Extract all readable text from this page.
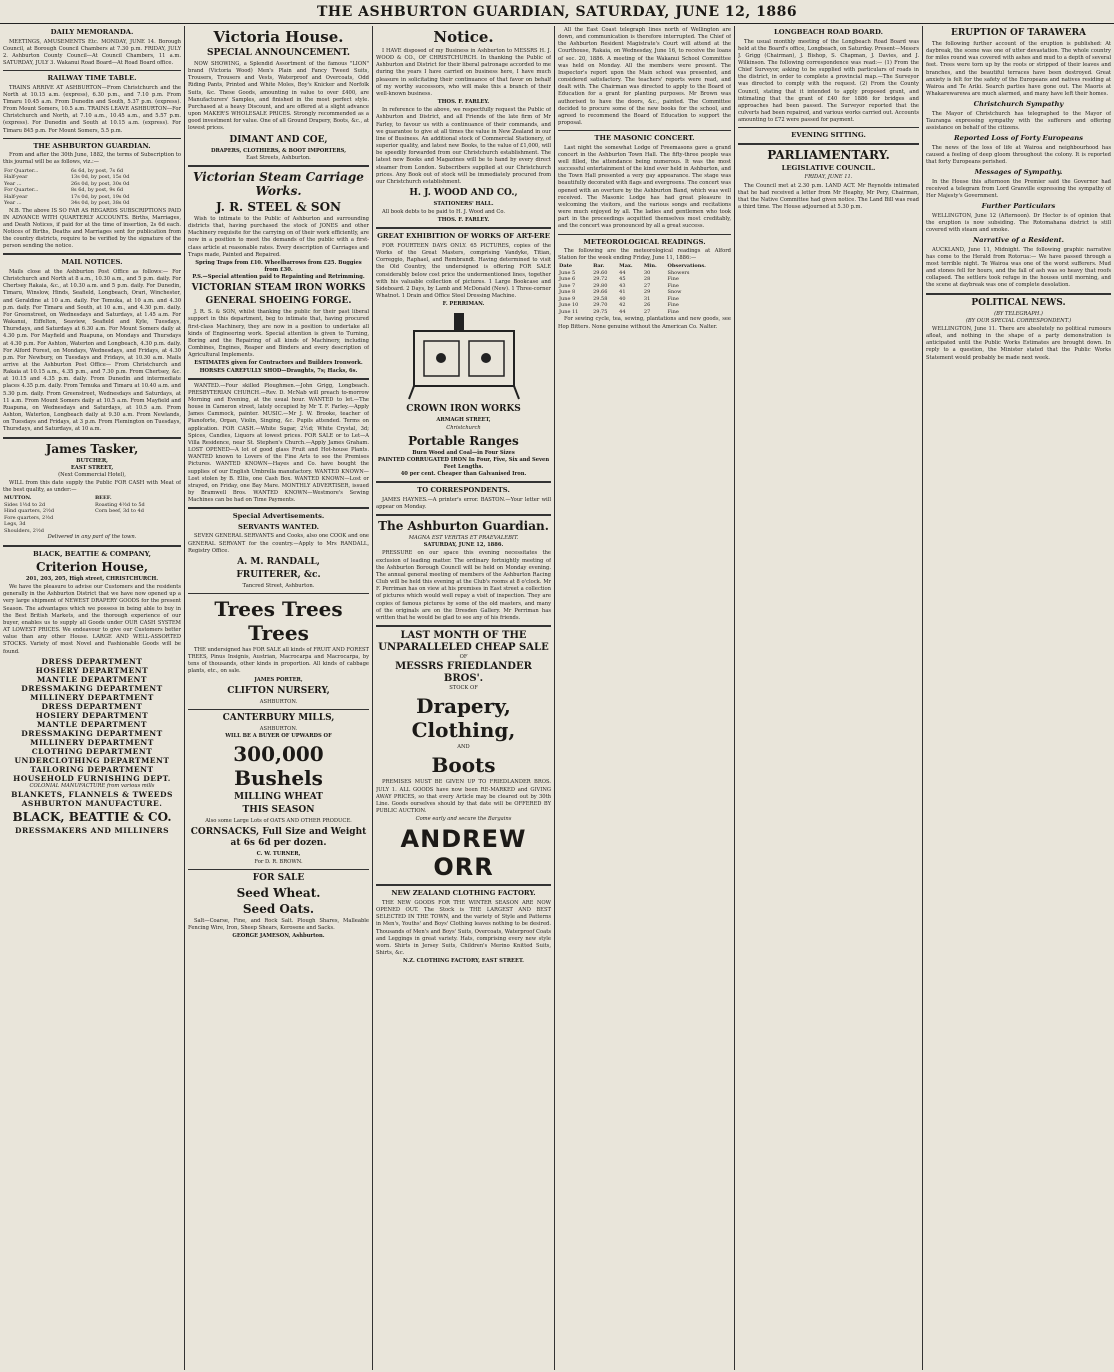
THE ASHBURTON GUARDIAN, SATURDAY, JUNE 12, 1886
DAILY MEMORANDA.

MEETINGS, AMUSEMENTS Etc. MONDAY, JUNE 14. Borough Council, at Borough Council Chambers at 7.30 p.m. FRIDAY, JULY 2. Ashburton County Council—At Council Chambers, 11 a.m. SATURDAY, JULY 3. Wakanui Road Board—At Road Board office.

RAILWAY TIME TABLE.

TRAINS ARRIVE AT ASHBURTON—From Christchurch and the North at 10.15 a.m. (express), 6.30 p.m., and 7.10 p.m. From Timaru 10.45 a.m. From Dunedin and South, 5.37 p.m. (express). From Mount Somers, 10.5 a.m. TRAINS LEAVE ASHBURTON—For Christchurch and North, at 7.10 a.m., 10.45 a.m., and 5.57 p.m. (express). For Dunedin and South at 10.15 a.m. (express). For Timaru 845 p.m. For Mount Somers, 5.5 p.m.

THE ASHBURTON GUARDIAN.

From and after the 30th June, 1882, the terms of Subscription to this journal will be as follows, viz.:—

For Quarter...	6s 6d, by post, 7s 6d
Half-year	13s 0d, by post, 15s 0d
Year ...	26s 0d, by post, 30s 0d
For Quarter...	8s 6d, by post, 9s 6d
Half-year	17s 0d, by post, 19s 0d
Year ...	34s 0d, by post, 38s 0d

N.B. The above IS SO FAR AS REGARDS SUBSCRIPTIONS PAID IN ADVANCE WITH QUARTERLY ACCOUNTS. Births, Marriages, and Death Notices, if paid for at the time of insertion, 2s 6d each. Notices of Births, Deaths and Marriages sent for publication from the country districts, require to be verified by the signature of the person sending the notice.

MAIL NOTICES.

Mails close at the Ashburton Post Office as follows:— For Christchurch and North at 8 a.m., 10.30 a.m., and 5 p.m. daily. For Chertsey Rakaia, &c., at 10.30 a.m. and 5 p.m. daily. For Dunedin, Timaru, Winslow, Hinds, Seafield, Longbeach, Orari, Winchester, and Geraldine at 10 a.m. daily. For Temuka, at 10 a.m. and 4.30 p.m. daily. For Timaru and South, at 10 a.m., and 4.30 p.m. daily. For Greenstreet, on Wednesdays and Saturdays, at 1.45 a.m. For Wakanui, Eiffelton, Seaview, Seafield and Kyle, Tuesdays, Thursdays, and Saturdays at 6.30 a.m. For Mount Somers daily at 4.30 p.m. For Mayfield and Ruapuna, on Mondays and Thursdays at 4.30 p.m. For Ashton, Waterton and Longbeach, 4.30 p.m. daily. For Alford Forest, on Mondays, Wednesdays, and Fridays, at 4.30 p.m. For Newbury, on Tuesdays and Fridays, at 10.30 a.m. Mails arrive at the Ashburton Post Office— From Christchurch and Rakaia at 10.15 a.m., 4.35 p.m., and 7.30 p.m. From Chertsey, &c. at 10.15 and 4.35 p.m. daily. From Dunedin and intermediate places 4.35 p.m. daily. From Temuka and Timaru at 10.40 a.m. and 5.30 p.m. daily. From Greenstreet, Wednesdays and Saturdays, at 11 a.m. From Mount Somers daily at 10.5 a.m. From Mayfield and Ruapuna, on Wednesdays and Saturdays, at 10.5 a.m. From Ashton, Waterton, Longbeach daily at 9.30 a.m. From Newlands, on Tuesdays and Fridays, at 3 p.m. From Flemington on Tuesdays, Thursdays, and Saturdays, at 10 a.m.

James Tasker,
BUTCHER,
EAST STREET,
(Next Commercial Hotel),

WILL from this date supply the Public FOR CASH with Meat of the best quality, as under:—

MUTTON.		BEEF.
Sides 1½d to 2d		Roasting 4½d to 5d
Hind quarters, 2½d		Corn beef, 3d to 4d
Fore quarters, 2½d		
Legs, 3d		
Shoulders, 2½d		
Delivered in any part of the town.
BLACK, BEATTIE & COMPANY,
Criterion House,
201, 203, 205, High street, CHRISTCHURCH.

We have the pleasure to advise our Customers and the residents generally in the Ashburton District that we have now opened up a very large shipment of NEWEST DRAPERY GOODS for the present Season. The advantages which we possess in being able to buy in the Best British Markets, and the thorough experience of our buyer, enables us to supply all Goods under OUR CASH SYSTEM AT LOWEST PRICES. We endeavour to give our Customers better value than any other House. LARGE AND WELL-ASSORTED STOCKS. Variety of most Novel and Fashionable Goods will be found.

DRESS DEPARTMENT
HOSIERY DEPARTMENT
MANTLE DEPARTMENT
DRESSMAKING DEPARTMENT
MILLINERY DEPARTMENT
DRESS DEPARTMENT
HOSIERY DEPARTMENT
MANTLE DEPARTMENT
DRESSMAKING DEPARTMENT
MILLINERY DEPARTMENT
CLOTHING DEPARTMENT
UNDERCLOTHING DEPARTMENT
TAILORING DEPARTMENT
HOUSEHOLD FURNISHING DEPT.
COLONIAL MANUFACTURE from various mills
BLANKETS, FLANNELS & TWEEDS
ASHBURTON MANUFACTURE.
BLACK, BEATTIE & CO.
DRESSMAKERS AND MILLINERS
Victoria House.
SPECIAL ANNOUNCEMENT.

NOW SHOWING, a Splendid Assortment of the famous "LION" brand (Victoria Wood) Men's Plain and Fancy Tweed Suits, Trousers, Trousers and Vests, Waterproof and Overcoats, Odd Riding Pants, Printed and White Moles, Boy's Knicker and Norfolk Suits, &c. These Goods, amounting in value to over £400, are Manufacturers' Samples, and finished in the most perfect style. Purchased at a heavy Discount, and are offered at a slight advance upon MAKER'S WHOLESALE PRICES. Strongly recommended as a good investment for value. One of all Ground Drapery, Boots, &c., at lowest prices.

DIMANT AND COE,
DRAPERS, CLOTHIERS, & BOOT IMPORTERS,
East Streets, Ashburton.
Victorian Steam Carriage Works.
J. R. STEEL & SON

Wish to intimate to the Public of Ashburton and surrounding districts that, having purchased the stock of JONES and other Machinery requisite for the carrying on of their work efficiently, are now in a position to meet the demands of the public with a first-class article at reasonable rates. Every description of Carriages and Traps made, Painted and Repaired.

Spring Traps from £10. Wheelbarrows from £25. Buggies from £30.
P.S.—Special attention paid to Repainting and Retrimming.
VICTORIAN STEAM IRON WORKS
GENERAL SHOEING FORGE.

J. R. S. & SON, whilst thanking the public for their past liberal support in this department, beg to intimate that, having procured first-class Machinery, they are now in a position to undertake all kinds of Engineering work. Special attention is given to Turning, Boring and the Repairing of all kinds of Machinery, including Combines, Engines, Reaper and Binders and every description of Agricultural Implements.

ESTIMATES given for Contractors and Builders Ironwork.
HORSES CAREFULLY SHOD—Draughts, 7s; Hacks, 6s.

WANTED.—Four skilled Ploughmen.—John Grigg, Longbeach. PRESBYTERIAN CHURCH.—Rev. D. McNab will preach to-morrow Morning and Evening, at the usual hour. WANTED to let.—The house in Cameron street, lately occupied by Mr T. F. Farley.—Apply James Cammock, painter. MUSIC.—Mr J. W. Brooke, teacher of Pianoforte, Organ, Violin, Singing, &c. Pupils attended. Terms on application. FOR CASH.—White Sugar, 2½d; White Crystal, 3d; Spices, Candies, Liquors at lowest prices. FOR SALE or to Let—A Villa Residence, near St. Stephen's Church.—Apply James Graham. LOST OPENED—A lot of good glass Fruit and Hot-house Plants. WANTED known to Lovers of the Fine Arts to see the Premises Pictures. WANTED KNOWN—Hayes and Co. have bought the supplies of our English Umbrella manufactory. WANTED KNOWN—Lost stolen by B. Ellis, one Cash Box. WANTED KNOWN—Lost or strayed, on Friday, one Bay Mare. MONTHLY ADVERTISER, issued by Bramwell Bros. WANTED KNOWN—Westmore's Sewing Machines can be had on Time Payments.

Special Advertisements.
SERVANTS WANTED.

SEVEN GENERAL SERVANTS and Cooks, also one COOK and one GENERAL SERVANT for the country.—Apply to Mrs RANDALL, Registry Office.

A. M. RANDALL,
FRUITERER, &c.
Tancred Street, Ashburton.
Trees Trees Trees

THE undersigned has FOR SALE all kinds of FRUIT AND FOREST TREES, Pinus Insignis, Austrian, Macrocarpa and Macrocarpa, by tens of thousands, other kinds in proportion. All kinds of cabbage plants, etc., on sale.

JAMES PORTER,
CLIFTON NURSERY,
ASHBURTON.
CANTERBURY MILLS,
ASHBURTON.
WILL BE A BUYER OF UPWARDS OF
300,000 Bushels
MILLING WHEAT
THIS SEASON
Also some Large Lots of OATS AND OTHER PRODUCE.
CORNSACKS, Full Size and Weight at 6s 6d per dozen.
C. W. TURNER,
For D. R. BROWN.
FOR SALE
Seed Wheat.
Seed Oats.

Salt—Coarse, Fine, and Rock Salt. Plough Shares, Malleable Fencing Wire, Iron, Sheep Shears, Kerosene and Sacks.

GEORGE JAMESON, Ashburton.
Notice.

I HAVE disposed of my Business in Ashburton to MESSRS H. J. WOOD & CO., OF CHRISTCHURCH. In thanking the Public of Ashburton and District for their liberal patronage accorded to me during the years I have carried on business here, I have much pleasure in solicitating their continuance of that favor on behalf of my worthy successors, who will make this a branch of their well-known business.

THOS. F. FARLEY.

In reference to the above, we respectfully request the Public of Ashburton and District, and all Friends of the late firm of Mr Farley, to favour us with a continuance of their commands, and we guarantee to give at all times the value in New Zealand in our line of Business. An additional stock of Commercial Stationery, of superior quality, and latest new Books, to the value of £1,000, will be speedily forwarded from our Christchurch establishment. The latest new Books and Magazines will be to hand by every direct steamer from London. Subscribers supplied at our Christchurch prices. Any Book out of stock will be immediately procured from our Christchurch establishment.

H. J. WOOD AND CO.,
STATIONERS' HALL.

All book debts to be paid to H. J. Wood and Co.

THOS. F. FARLEY.
GREAT EXHIBITION OF WORKS OF ART-ERE

FOR FOURTEEN DAYS ONLY. 65 PICTURES, copies of the Works of the Great Masters, comprising Vandyke, Titian, Correggio, Raphael, and Rembrandt. Having determined to visit the Old Country, the undersigned is offering FOR SALE considerably below cost price the undermentioned lines, together with his valuable collection of pictures. 1 Large Bookcase and Sideboard. 2 Days, by Lamb and McDonald (New). 1 Three-corner Whatnot. 1 Drain and Office Steel Dressing Machine.

F. PERRIMAN.
CROWN IRON WORKS
ARMAGH STREET,
Christchurch
Portable Ranges
Burn Wood and Coal—in Four Sizes
PAINTED CORRUGATED IRON In Four, Five, Six and Seven Feet Lengths.
40 per cent. Cheaper than Galvanised Iron.
TO CORRESPONDENTS.

JAMES HAYNES.—A printer's error. BASTON.—Your letter will appear on Monday.

The Ashburton Guardian.
MAGNA EST VERITAS ET PRAEVALEBIT.
SATURDAY, JUNE 12, 1886.

PRESSURE on our space this evening necessitates the exclusion of leading matter. The ordinary fortnightly meeting of the Ashburton Borough Council will be held on Monday evening. The annual general meeting of members of the Ashburton Racing Club will be held this evening at the Club's rooms at 8 o'clock. Mr F. Perriman has on view at his premises in East street a collection of pictures which would well repay a visit of inspection. They are copies of famous pictures by some of the old masters, and many of the originals are on the Dresden Gallery. Mr Perriman has written that he would be glad to see any of his friends.

LAST MONTH OF THE
UNPARALLELED CHEAP SALE
OF
MESSRS FRIEDLANDER BROS'.
STOCK OF
Drapery, Clothing,
AND
Boots

PREMISES MUST BE GIVEN UP TO FRIEDLANDER BROS. JULY 1. ALL GOODS have now been RE-MARKED and GIVING AWAY PRICES, so that every Article may be cleared out by 30th Line. Goods ourselves should by that date will be OFFERED BY PUBLIC AUCTION.

Come early and secure the Bargains
ANDREW ORR
NEW ZEALAND CLOTHING FACTORY.

THE NEW GOODS FOR THE WINTER SEASON ARE NOW OPENED OUT. The Stock is THE LARGEST AND BEST SELECTED IN THE TOWN, and the variety of Style and Patterns in Men's, Youths' and Boys' Clothing leaves nothing to be desired. Thousands of Men's and Boys' Suits, Overcoats, Waterproof Coats and Leggings in great variety. Hats, comprising every new style worn. Shirts in Jersey Suits, Children's Merino Knitted Suits, Shirts, &c.

N.Z. CLOTHING FACTORY, EAST STREET.

All the East Coast telegraph lines north of Wellington are down, and communication is therefore interrupted. The Chief of the Ashburton Resident Magistrate's Court will attend at the Courthouse, Rakaia, on Wednesday, June 16, to receive the loans of sec. 20, 1886. A meeting of the Wakanui School Committee was held on Monday. All the members were present. The Inspector's report upon the Main school was presented, and considered satisfactory. The teachers' reports were read, and dealt with. The Chairman was directed to apply to the Board of Education for a grant for planting purposes. Mr Brown was authorised to have the doors, &c., painted. The Committee decided to procure some of the new books for the school, and agreed to recommend the Board of Education to support the proposal.

THE MASONIC CONCERT.

Last night the somewhat Lodge of Freemasons gave a grand concert in the Ashburton Town Hall. The fifty-three people was well filled, the attendance being numerous. It was the most successful entertainment of the kind ever held in Ashburton, and the Town Hall presented a very gay appearance. The stage was beautifully decorated with flags and evergreens. The concert was opened with an overture by the Ashburton Band, which was well received. The Masonic Lodge has had great pleasure in welcoming the visitors, and the various songs and recitations were much enjoyed by all. The ladies and gentlemen who took part in the proceedings acquitted themselves most creditably, and the concert was pronounced by all a great success.

METEOROLOGICAL READINGS.

The following are the meteorological readings at Alford Station for the week ending Friday, June 11, 1886:—

Date	Bar.	Max.	Min.	Observations.
June 5	29.60	44	30	Showers
June 6	29.72	45	28	Fine
June 7	29.80	43	27	Fine
June 8	29.66	41	29	Snow
June 9	29.58	40	31	Fine
June 10	29.70	42	26	Fine
June 11	29.75	44	27	Fine

For sewing cycle, tea, sewing, plantations and new goods, see Hop Bitters. None genuine without the American Co. Nalter.

LONGBEACH ROAD BOARD.

The usual monthly meeting of the Longbeach Road Board was held at the Board's office, Longbeach, on Saturday. Present—Messrs J. Grigg (Chairman), J. Bishop, S. Chapman, J. Davies, and J. Wilkinson. The following correspondence was read:— (1) From the Chief Surveyor, asking to be supplied with particulars of roads in the district, in order to complete a provincial map.—The Surveyor was directed to comply with the request. (2) From the County Council, stating that it intended to apply proposed grant, and intimating that the grant of £40 for 1886 for bridges and approaches had been passed. The Surveyor reported that the culverts had been repaired, and various works carried out. Accounts amounting to £72 were passed for payment.

EVENING SITTING.
PARLIAMENTARY.
LEGISLATIVE COUNCIL.
FRIDAY, JUNE 11.

The Council met at 2.30 p.m. LAND ACT. Mr Reynolds intimated that he had received a letter from Mr Heaphy, Mr Pery, Chairman, that the Native Committee had given notice. The Land Bill was read a third time. The House adjourned at 5.30 p.m.

ERUPTION OF TARAWERA

The following further account of the eruption is published: At daybreak, the scene was one of utter devastation. The whole country for miles round was covered with ashes and mud to a depth of several feet. Trees were torn up by the roots or stripped of their leaves and branches, and the beautiful terraces have been destroyed. Great anxiety is felt for the safety of the Europeans and natives residing at Wairoa and Te Ariki. Search parties have gone out. The Maoris at Whakarewarewa are much alarmed, and many have left their homes.

Christchurch Sympathy

The Mayor of Christchurch has telegraphed to the Mayor of Tauranga expressing sympathy with the sufferers and offering assistance on behalf of the citizens.

Reported Loss of Forty Europeans

The news of the loss of life at Wairoa and neighbourhood has caused a feeling of deep gloom throughout the colony. It is reported that forty Europeans perished.

Messages of Sympathy.

In the House this afternoon the Premier said the Governor had received a telegram from Lord Granville expressing the sympathy of Her Majesty's Government.

Further Particulars

WELLINGTON, June 12 (Afternoon). Dr Hector is of opinion that the eruption is now subsiding. The Rotomahana district is still covered with steam and smoke.

Narrative of a Resident.

AUCKLAND, June 11, Midnight. The following graphic narrative has come to the Herald from Rotorua:— We have passed through a most terrible night. Te Wairoa was one of the worst sufferers. Mud and stones fell for hours, and the fall of ash was so heavy that roofs collapsed. The settlers took refuge in the houses until morning, and the scene at daybreak was one of complete desolation.

POLITICAL NEWS.
(BY TELEGRAPH.)
(BY OUR SPECIAL CORRESPONDENT.)

WELLINGTON, June 11. There are absolutely no political rumours afloat, and nothing in the shape of a party demonstration is anticipated until the Public Works Estimates are brought down. In reply to a question, the Minister stated that the Public Works Statement would probably be made next week.
